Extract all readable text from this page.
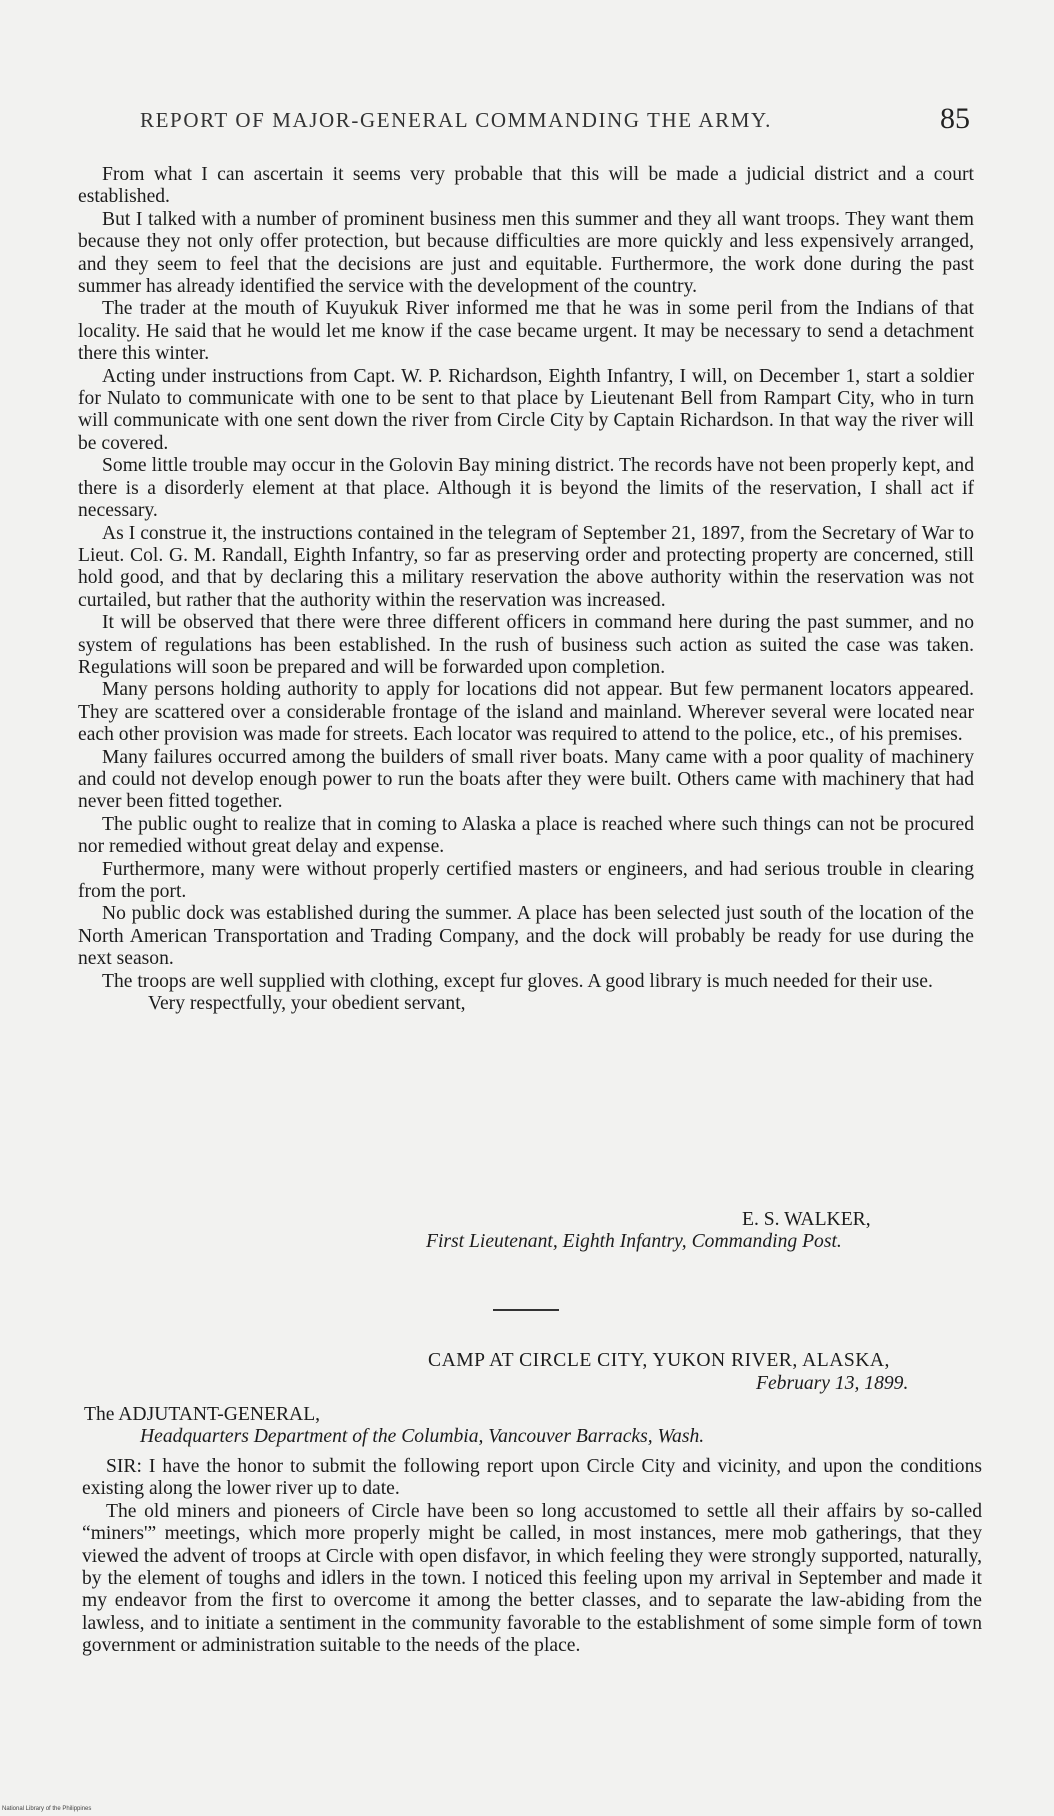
REPORT OF MAJOR-GENERAL COMMANDING THE ARMY.	85

From what I can ascertain it seems very probable that this will be made a judicial district and a court established.

But I talked with a number of prominent business men this summer and they all want troops. They want them because they not only offer protection, but because difficulties are more quickly and less expensively arranged, and they seem to feel that the decisions are just and equitable. Furthermore, the work done during the past summer has already identified the service with the development of the country.

The trader at the mouth of Kuyukuk River informed me that he was in some peril from the Indians of that locality. He said that he would let me know if the case became urgent. It may be necessary to send a detachment there this winter.

Acting under instructions from Capt. W. P. Richardson, Eighth Infantry, I will, on December 1, start a soldier for Nulato to communicate with one to be sent to that place by Lieutenant Bell from Rampart City, who in turn will communicate with one sent down the river from Circle City by Captain Richardson. In that way the river will be covered.

Some little trouble may occur in the Golovin Bay mining district. The records have not been properly kept, and there is a disorderly element at that place. Although it is beyond the limits of the reservation, I shall act if necessary.

As I construe it, the instructions contained in the telegram of September 21, 1897, from the Secretary of War to Lieut. Col. G. M. Randall, Eighth Infantry, so far as preserving order and protecting property are concerned, still hold good, and that by declaring this a military reservation the above authority within the reservation was not curtailed, but rather that the authority within the reservation was increased.

It will be observed that there were three different officers in command here during the past summer, and no system of regulations has been established. In the rush of business such action as suited the case was taken. Regulations will soon be prepared and will be forwarded upon completion.

Many persons holding authority to apply for locations did not appear. But few permanent locators appeared. They are scattered over a considerable frontage of the island and mainland. Wherever several were located near each other provision was made for streets. Each locator was required to attend to the police, etc., of his premises.

Many failures occurred among the builders of small river boats. Many came with a poor quality of machinery and could not develop enough power to run the boats after they were built. Others came with machinery that had never been fitted together.

The public ought to realize that in coming to Alaska a place is reached where such things can not be procured nor remedied without great delay and expense.

Furthermore, many were without properly certified masters or engineers, and had serious trouble in clearing from the port.

No public dock was established during the summer. A place has been selected just south of the location of the North American Transportation and Trading Company, and the dock will probably be ready for use during the next season.

The troops are well supplied with clothing, except fur gloves. A good library is much needed for their use.

Very respectfully, your obedient servant,

E. S. WALKER,
First Lieutenant, Eighth Infantry, Commanding Post.
CAMP AT CIRCLE CITY, YUKON RIVER, ALASKA,
February 13, 1899.
The ADJUTANT-GENERAL,
Headquarters Department of the Columbia, Vancouver Barracks, Wash.

SIR: I have the honor to submit the following report upon Circle City and vicinity, and upon the conditions existing along the lower river up to date.

The old miners and pioneers of Circle have been so long accustomed to settle all their affairs by so-called “miners'” meetings, which more properly might be called, in most instances, mere mob gatherings, that they viewed the advent of troops at Circle with open disfavor, in which feeling they were strongly supported, naturally, by the element of toughs and idlers in the town. I noticed this feeling upon my arrival in September and made it my endeavor from the first to overcome it among the better classes, and to separate the law-abiding from the lawless, and to initiate a sentiment in the community favorable to the establishment of some simple form of town government or administration suitable to the needs of the place.

National Library of the Philippines
